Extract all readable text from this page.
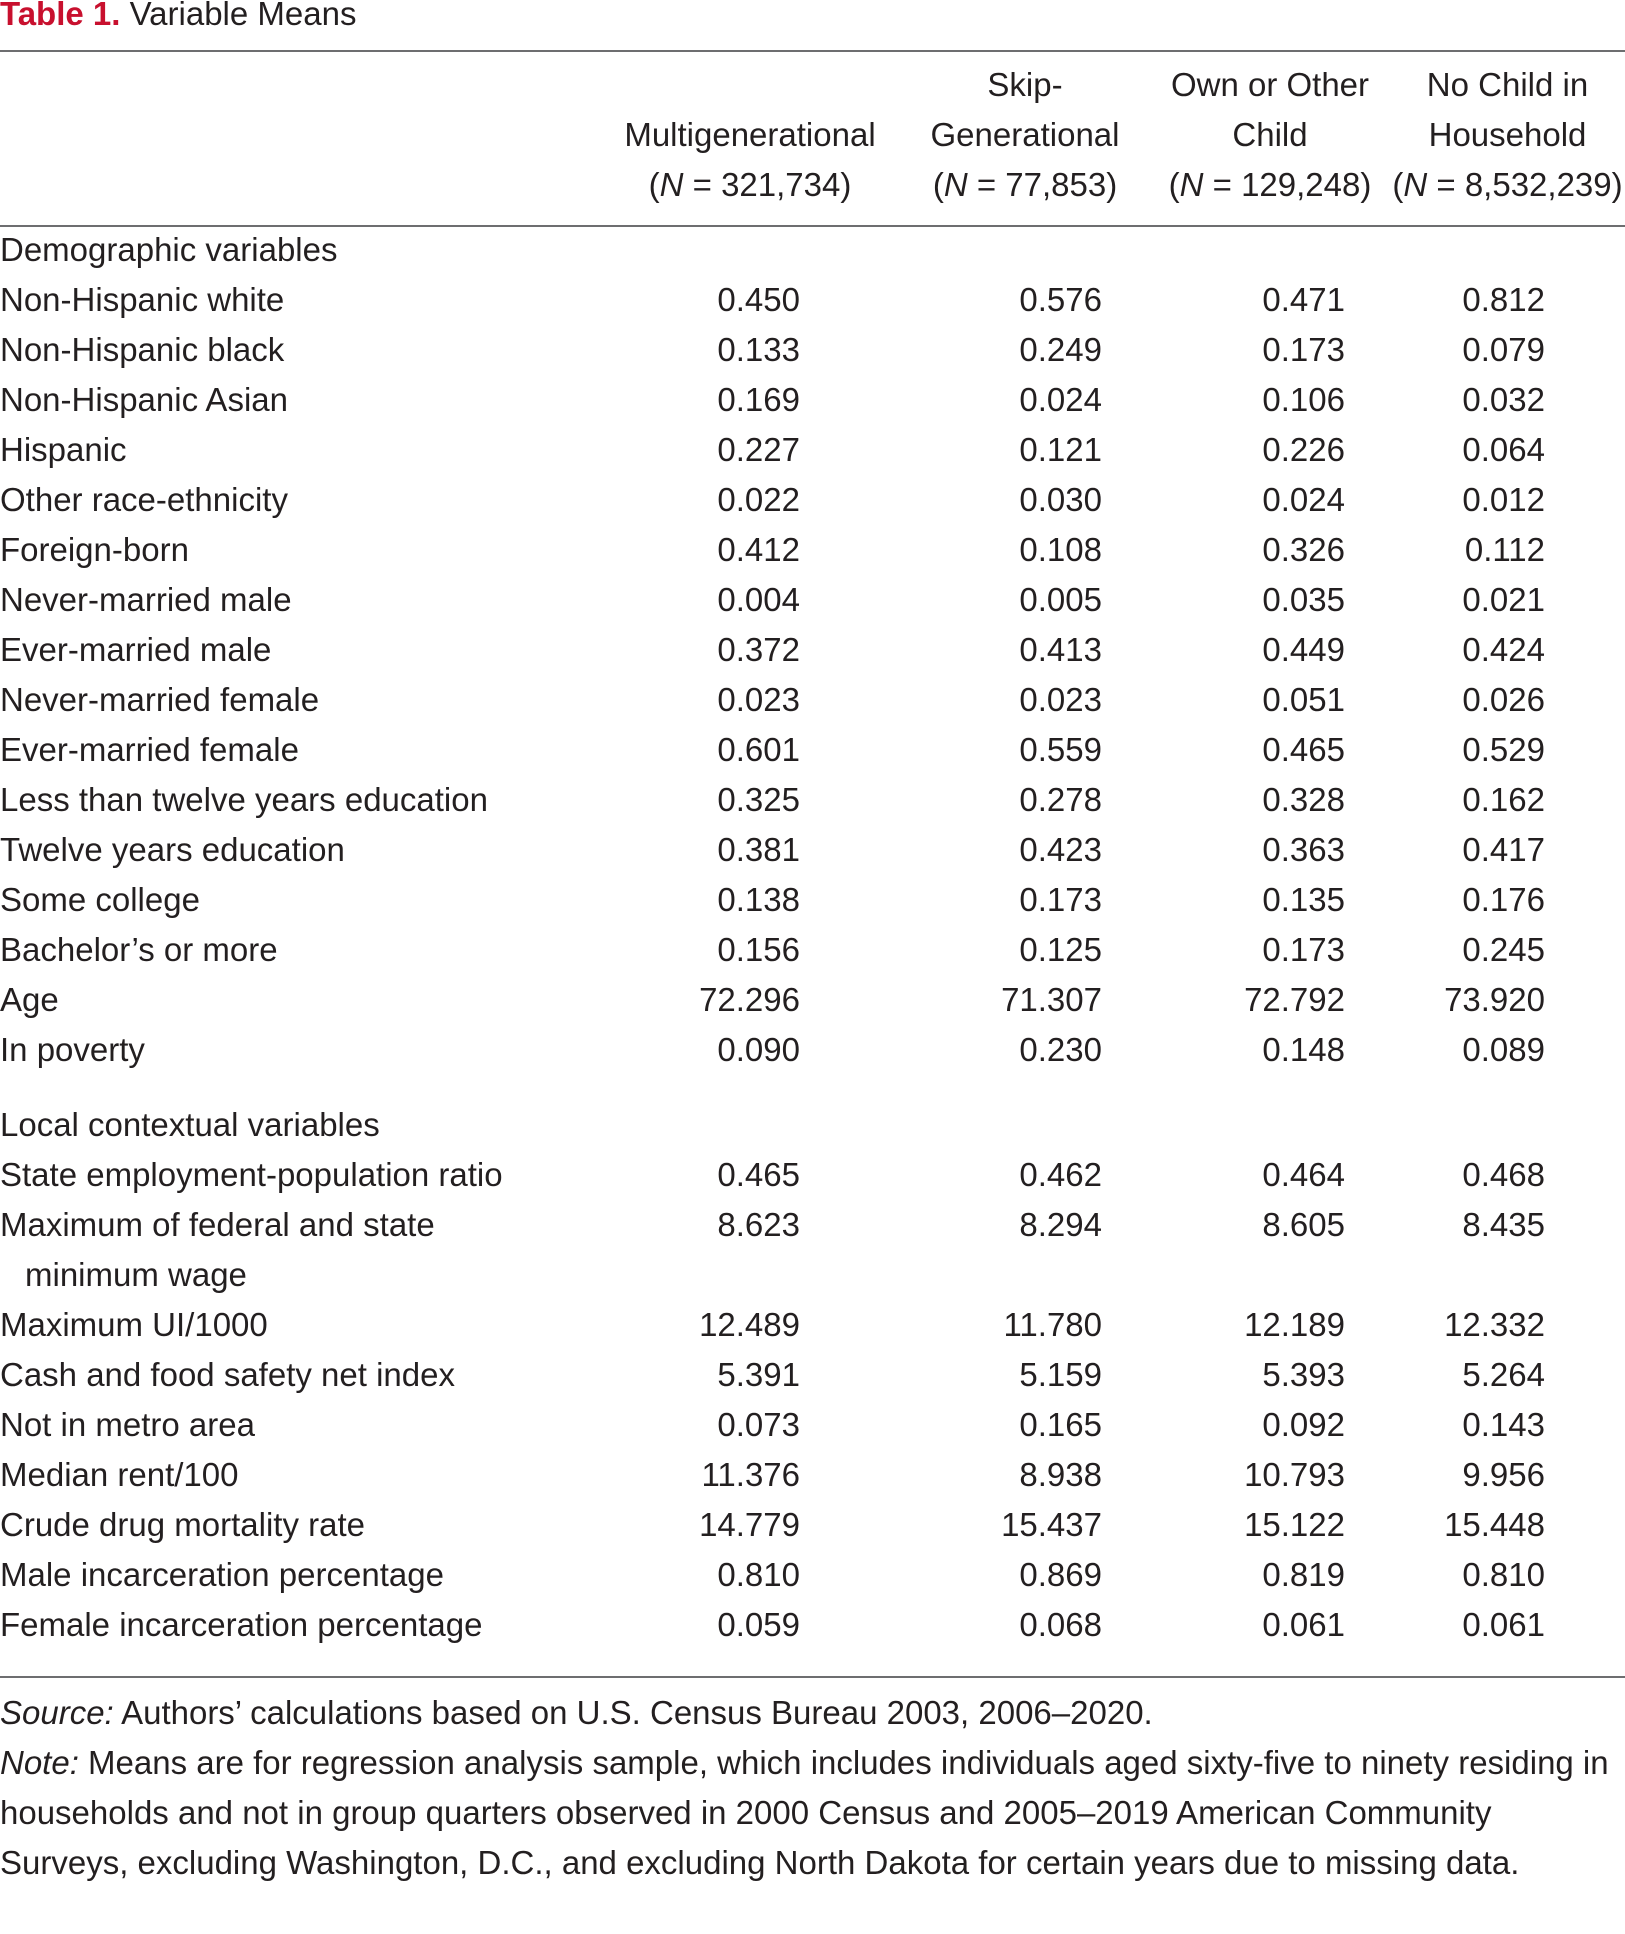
Table 1. Variable Means
		Skip-	Own or Other	No Child in
	Multigenerational	Generational	Child	Household
	(N = 321,734)	(N = 77,853)	(N = 129,248)	(N = 8,532,239)

Demographic variables				
Non-Hispanic white	0.450	0.576	0.471	0.812
Non-Hispanic black	0.133	0.249	0.173	0.079
Non-Hispanic Asian	0.169	0.024	0.106	0.032
Hispanic	0.227	0.121	0.226	0.064
Other race-ethnicity	0.022	0.030	0.024	0.012
Foreign-born	0.412	0.108	0.326	0.112
Never-married male	0.004	0.005	0.035	0.021
Ever-married male	0.372	0.413	0.449	0.424
Never-married female	0.023	0.023	0.051	0.026
Ever-married female	0.601	0.559	0.465	0.529
Less than twelve years education	0.325	0.278	0.328	0.162
Twelve years education	0.381	0.423	0.363	0.417
Some college	0.138	0.173	0.135	0.176
Bachelor’s or more	0.156	0.125	0.173	0.245
Age	72.296	71.307	72.792	73.920
In poverty	0.090	0.230	0.148	0.089

Local contextual variables				
State employment-population ratio	0.465	0.462	0.464	0.468
Maximum of federal and state
minimum wage	8.623	8.294	8.605	8.435
Maximum UI/1000	12.489	11.780	12.189	12.332
Cash and food safety net index	5.391	5.159	5.393	5.264
Not in metro area	0.073	0.165	0.092	0.143
Median rent/100	11.376	8.938	10.793	9.956
Crude drug mortality rate	14.779	15.437	15.122	15.448
Male incarceration percentage	0.810	0.869	0.819	0.810
Female incarceration percentage	0.059	0.068	0.061	0.061

Source: Authors’ calculations based on U.S. Census Bureau 2003, 2006–2020.

Note: Means are for regression analysis sample, which includes individuals aged sixty-five to ninety residing in households and not in group quarters observed in 2000 Census and 2005–2019 American Community Surveys, excluding Washington, D.C., and excluding North Dakota for certain years due to missing data.
